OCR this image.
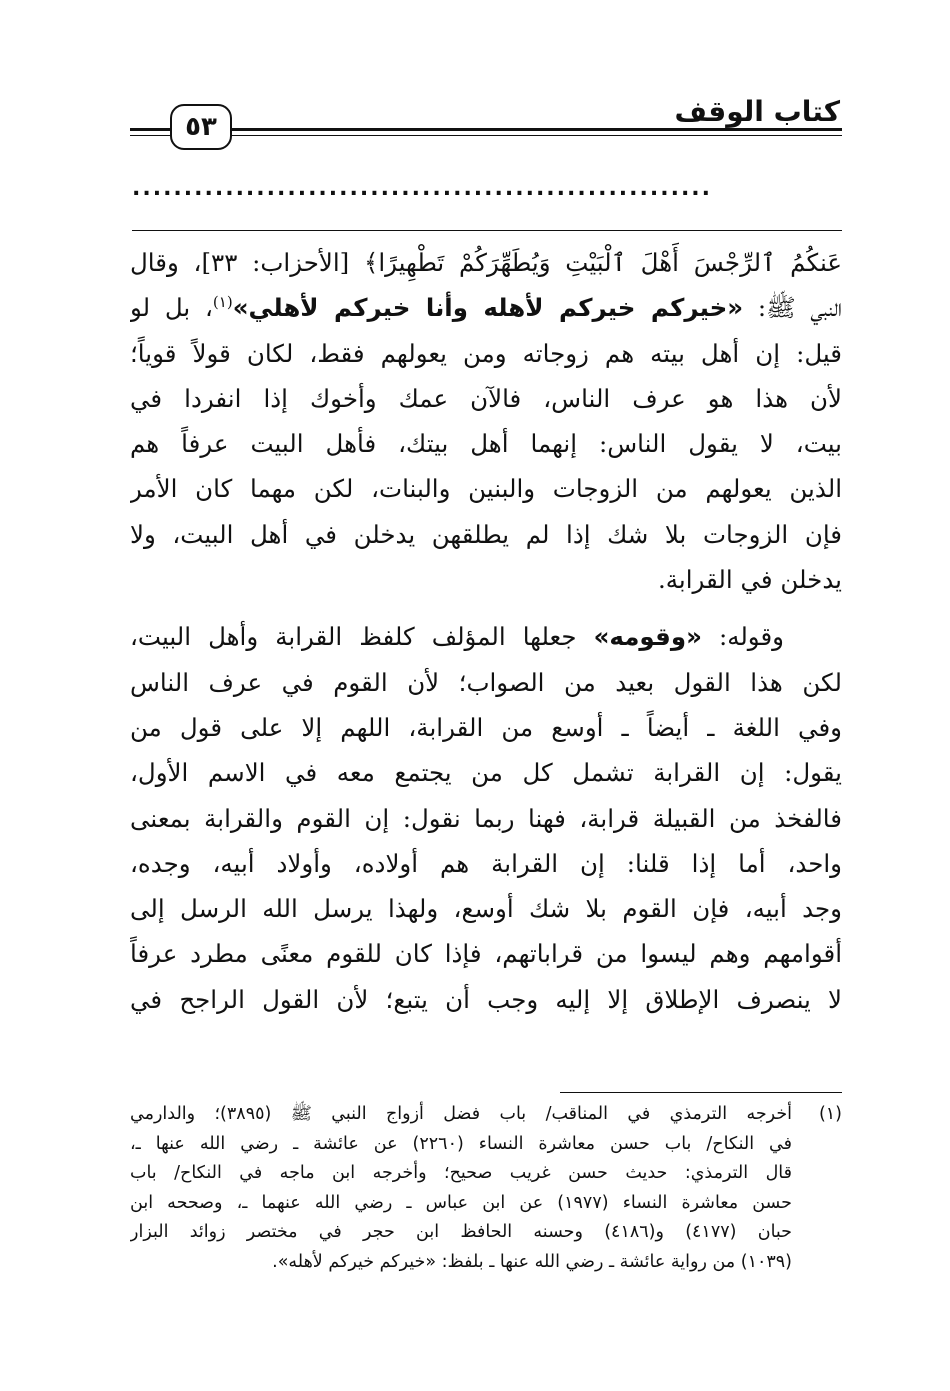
كتاب الوقف
٥٣
........................................................
عَنكُمُ ٱلرِّجْسَ أَهْلَ ٱلْبَيْتِ وَيُطَهِّرَكُمْ تَطْهِيرًا﴾ [الأحزاب: ٣٣]، وقال
النبي ﷺ: «خيركم خيركم لأهله وأنا خيركم لأهلي»$^{(١)}$، بل لو
قيل: إن أهل بيته هم زوجاته ومن يعولهم فقط، لكان قولاً قوياً؛
لأن هذا هو عرف الناس، فالآن عمك وأخوك إذا انفردا في
بيت، لا يقول الناس: إنهما أهل بيتك، فأهل البيت عرفاً هم
الذين يعولهم من الزوجات والبنين والبنات، لكن مهما كان الأمر
فإن الزوجات بلا شك إذا لم يطلقهن يدخلن في أهل البيت، ولا
يدخلن في القرابة.
وقوله: «وقومه» جعلها المؤلف كلفظ القرابة وأهل البيت،
لكن هذا القول بعيد من الصواب؛ لأن القوم في عرف الناس
وفي اللغة ـ أيضاً ـ أوسع من القرابة، اللهم إلا على قول من
يقول: إن القرابة تشمل كل من يجتمع معه في الاسم الأول،
فالفخذ من القبيلة قرابة، فهنا ربما نقول: إن القوم والقرابة بمعنى
واحد، أما إذا قلنا: إن القرابة هم أولاده، وأولاد أبيه، وجده،
وجد أبيه، فإن القوم بلا شك أوسع، ولهذا يرسل الله الرسل إلى
أقوامهم وهم ليسوا من قراباتهم، فإذا كان للقوم معنًى مطرد عرفاً
لا ينصرف الإطلاق إلا إليه وجب أن يتبع؛ لأن القول الراجح في
(١)
أخرجه الترمذي في المناقب/ باب فضل أزواج النبي ﷺ (٣٨٩٥)؛ والدارمي
في النكاح/ باب حسن معاشرة النساء (٢٢٦٠) عن عائشة ـ رضي الله عنها ـ،
قال الترمذي: حديث حسن غريب صحيح؛ وأخرجه ابن ماجه في النكاح/ باب
حسن معاشرة النساء (١٩٧٧) عن ابن عباس ـ رضي الله عنهما ـ، وصححه ابن
حبان (٤١٧٧) و(٤١٨٦) وحسنه الحافظ ابن حجر في مختصر زوائد البزار
(١٠٣٩) من رواية عائشة ـ رضي الله عنها ـ بلفظ: «خيركم خيركم لأهله».
